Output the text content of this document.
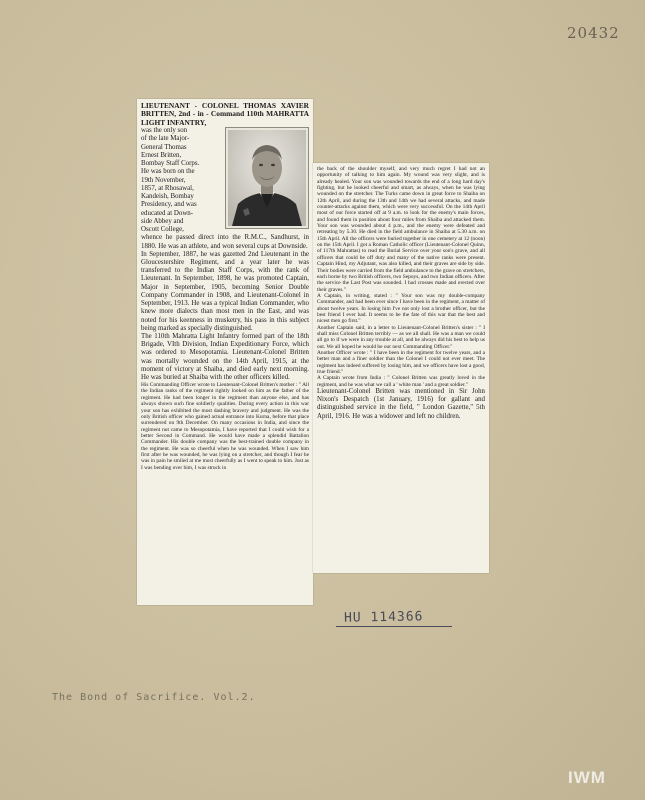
20432
LIEUTENANT - COLONEL THOMAS XAVIER BRITTEN, 2nd - in - Command 110th MAHRATTA LIGHT INFANTRY,
was the only son
of the late Major-
General Thomas
Ernest Britten,
Bombay Staff Corps.
He was born on the
19th November,
1857, at Rhosawal,
Kandeish, Bombay
Presidency, and was
educated at Down-
side Abbey and
Oscott College,

whence he passed direct into the R.M.C., Sandhurst, in 1880. He was an athlete, and won several cups at Downside.

In September, 1887, he was gazetted 2nd Lieutenant in the Gloucestershire Regiment, and a year later he was transferred to the Indian Staff Corps, with the rank of Lieutenant. In September, 1898, he was promoted Captain, Major in September, 1905, becoming Senior Double Company Commander in 1908, and Lieutenant-Colonel in September, 1913. He was a typical Indian Commander, who knew more dialects than most men in the East, and was noted for his keenness in musketry, his pass in this subject being marked as specially distinguished.

The 110th Mahratta Light Infantry formed part of the 18th Brigade, VIth Division, Indian Expeditionary Force, which was ordered to Mesopotamia. Lieutenant-Colonel Britten was mortally wounded on the 14th April, 1915, at the moment of victory at Shaiba, and died early next morning. He was buried at Shaiba with the other officers killed.

His Commanding Officer wrote to Lieutenant-Colonel Britten's mother : " All the Indian ranks of the regiment rightly looked on him as the father of the regiment. He had been longer in the regiment than anyone else, and has always shown such fine soldierly qualities. During every action in this war your son has exhibited the most dashing bravery and judgment. He was the only British officer who gained actual entrance into Kurna, before that place surrendered on 9th December. On many occasions in India, and since the regiment not came to Mesopotamia, I have reported that I could wish for a better Second in Command. He would have made a splendid Battalion Commander. His double company was the best-trained double company in the regiment. He was so cheerful when he was wounded. When I saw him first after he was wounded, he was lying on a stretcher, and though I fear he was in pain he smiled at me most cheerfully as I went to speak to him. Just as I was bending over him, I was struck in

the back of the shoulder myself, and very much regret I had not an opportunity of talking to him again. My wound was very slight, and is already healed. Your son was wounded towards the end of a long hard day's fighting, but he looked cheerful and smart, as always, when he was lying wounded on the stretcher. The Turks came down in great force to Shaiba on 12th April, and during the 13th and 14th we had several attacks, and made counter-attacks against them, which were very successful. On the 14th April most of our force started off at 9 a.m. to look for the enemy's main forces, and found them in position about four miles from Shaiba and attacked them. Your son was wounded about 4 p.m., and the enemy were defeated and retreating by 5.30. He died in the field ambulance in Shaiba at 5.30 a.m. on 15th April. All the officers were buried together in one cemetery at 12 (noon) on the 15th April. I got a Roman Catholic officer (Lieutenant-Colonel Quinn, of 117th Mahrattas) to read the Burial Service over your son's grave, and all officers that could be off duty and many of the native ranks were present. Captain Hind, my Adjutant, was also killed, and their graves are side by side. Their bodies were carried from the field ambulance to the grave on stretchers, each borne by two British officers, two Sepoys, and two Indian officers. After the service the Last Post was sounded. I had crosses made and erected over their graves."

A Captain, in writing, stated : " Your son was my double-company Commander, and had been ever since I have been in the regiment, a matter of about twelve years. In losing him I've not only lost a brother officer, but the best friend I ever had. It seems to be the fate of this war that the best and nicest men go first."

Another Captain said, in a letter to Lieutenant-Colonel Britten's sister : " I shall miss Colonel Britten terribly — as we all shall. He was a man we could all go to if we were in any trouble at all, and he always did his best to help us out. We all hoped he would be our next Commanding Officer."

Another Officer wrote : " I have been in the regiment for twelve years, and a better man and a finer soldier than the Colonel I could not ever meet. The regiment has indeed suffered by losing him, and we officers have lost a good, true friend."

A Captain wrote from India : " Colonel Britten was greatly loved in the regiment, and he was what we call a ' white man ' and a great soldier."

Lieutenant-Colonel Britten was mentioned in Sir John Nixon's Despatch (1st January, 1916) for gallant and distinguished service in the field, " London Gazette," 5th April, 1916. He was a widower and left no children.

HU 114366
The Bond of Sacrifice. Vol.2.
IWM
